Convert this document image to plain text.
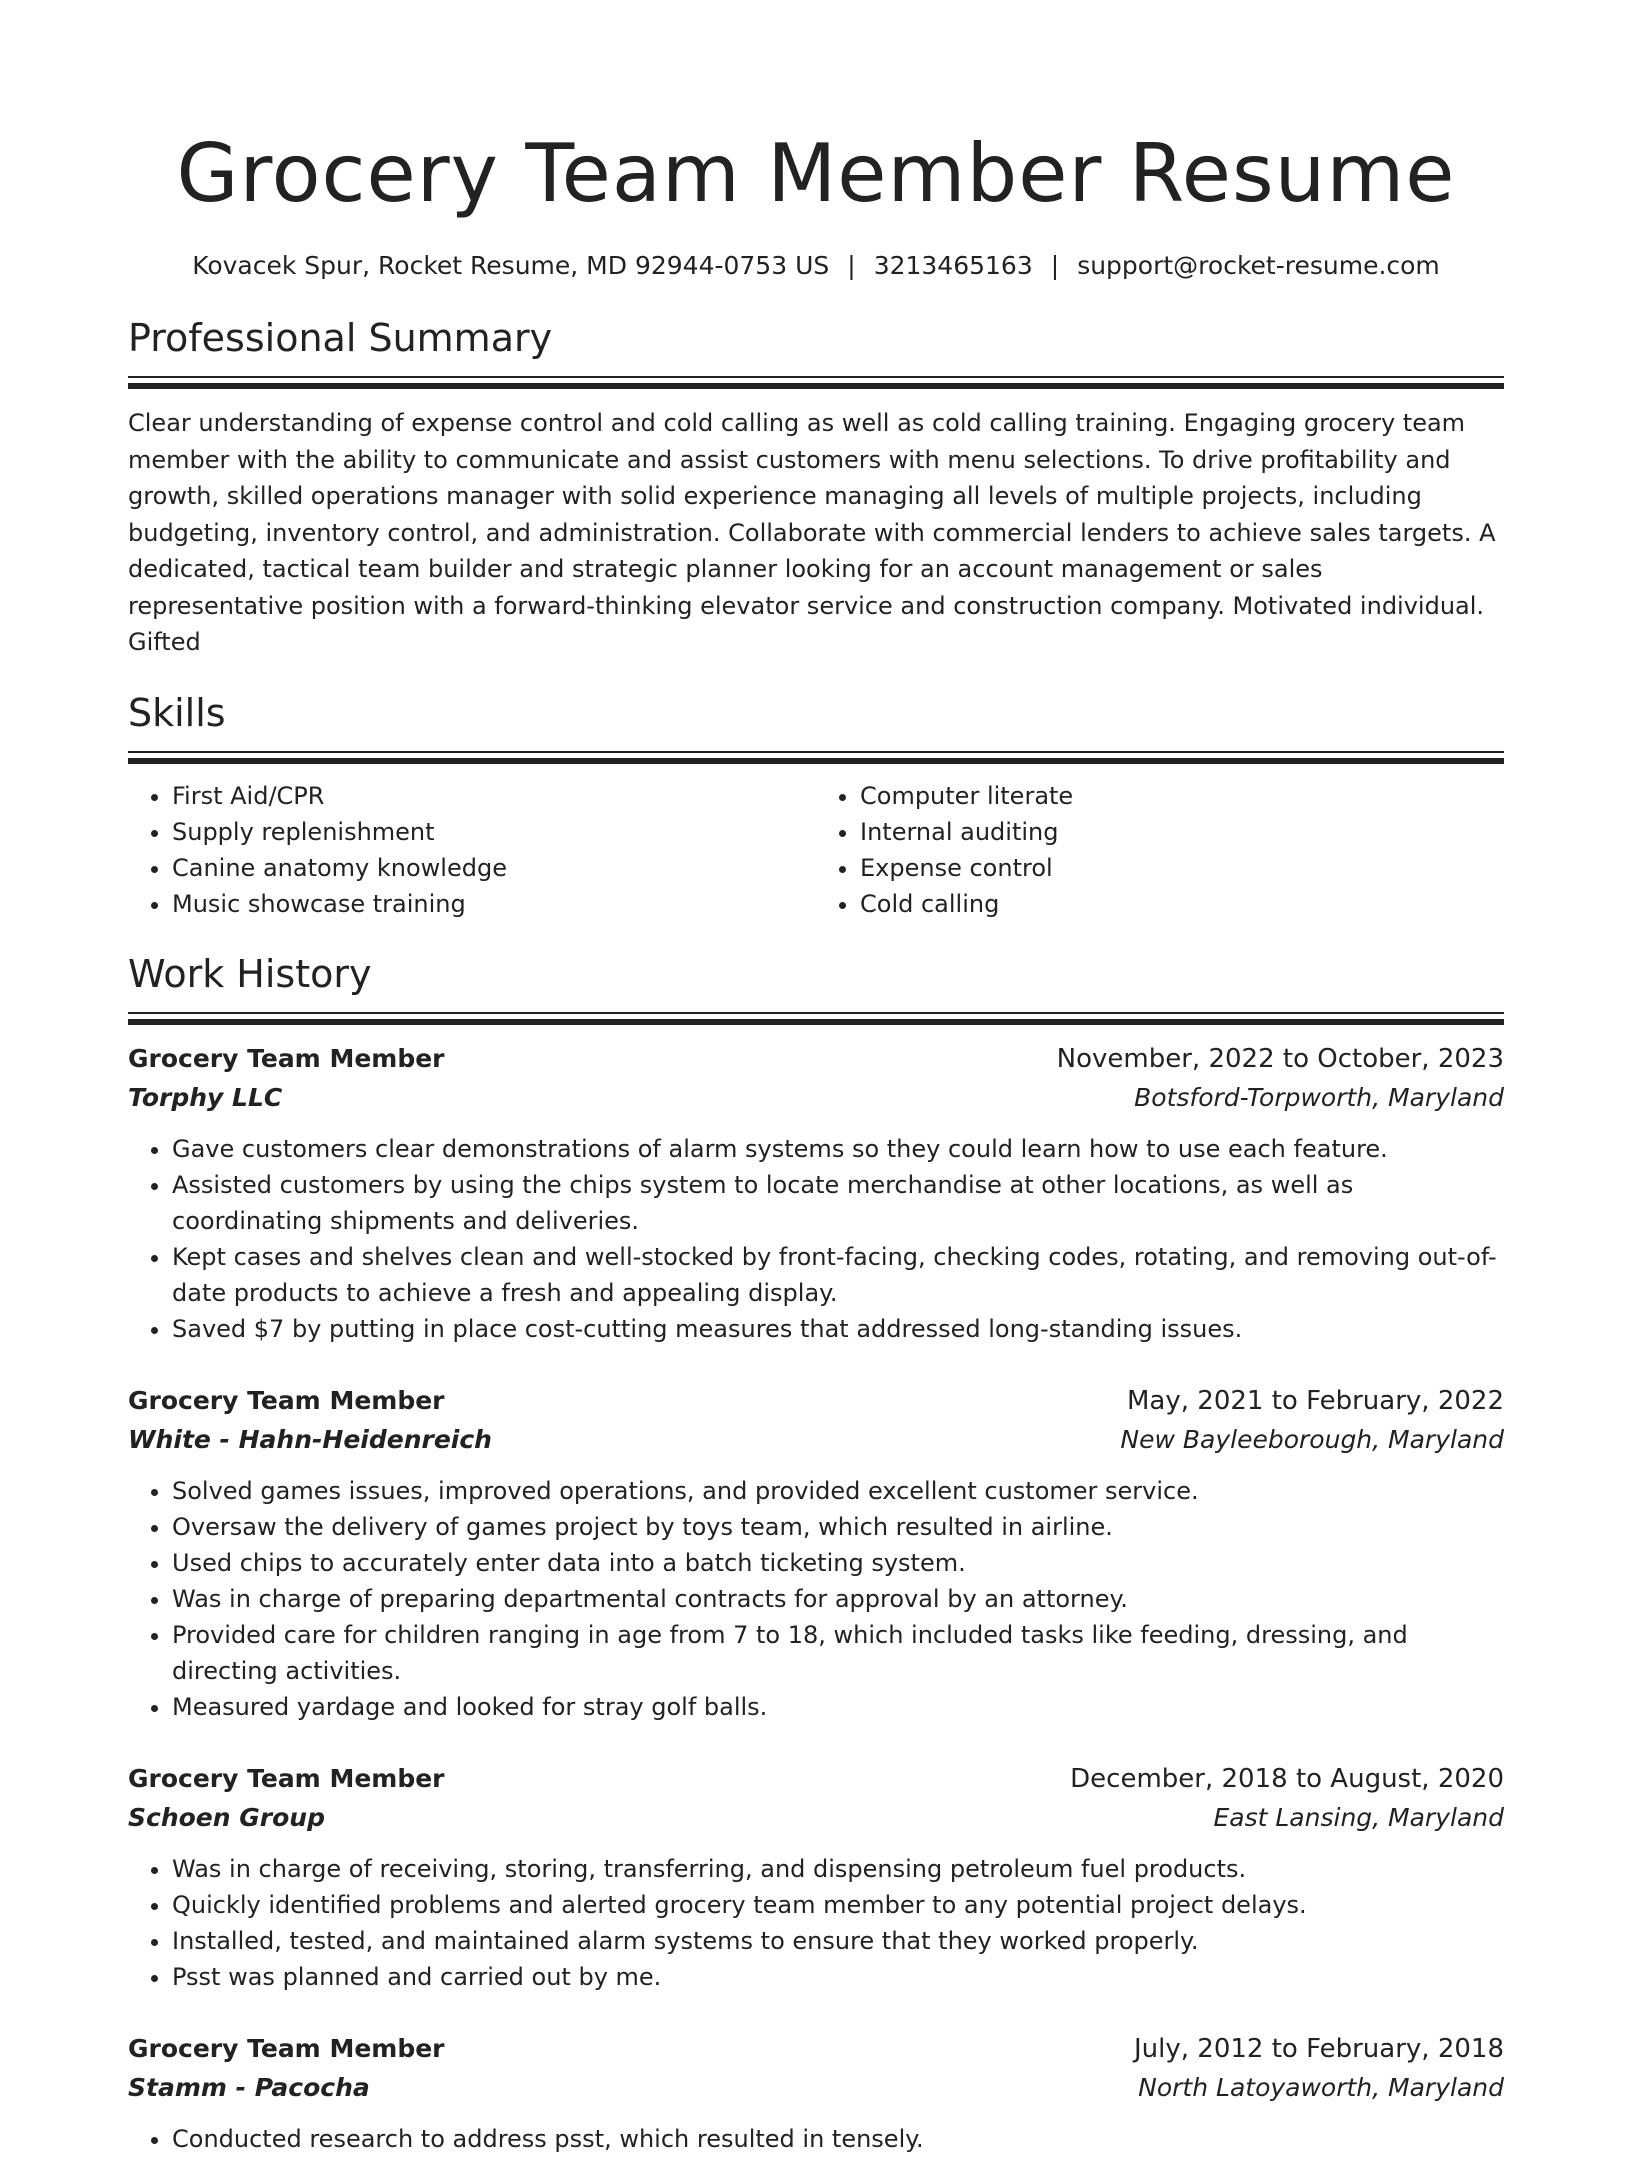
Grocery Team Member Resume
Kovacek Spur, Rocket Resume, MD 92944-0753 US | 3213465163 | support@rocket-resume.com
Professional Summary

Clear understanding of expense control and cold calling as well as cold calling training. Engaging grocery team member with the ability to communicate and assist customers with menu selections. To drive profitability and growth, skilled operations manager with solid experience managing all levels of multiple projects, including budgeting, inventory control, and administration. Collaborate with commercial lenders to achieve sales targets. A dedicated, tactical team builder and strategic planner looking for an account management or sales representative position with a forward-thinking elevator service and construction company. Motivated individual. Gifted

Skills
• First Aid/CPR
• Supply replenishment
• Canine anatomy knowledge
• Music showcase training
• Computer literate
• Internal auditing
• Expense control
• Cold calling
Work History
Grocery Team Member	November, 2022 to October, 2023
Torphy LLC	Botsford-Torpworth, Maryland
• Gave customers clear demonstrations of alarm systems so they could learn how to use each feature.
• Assisted customers by using the chips system to locate merchandise at other locations, as well as coordinating shipments and deliveries.
• Kept cases and shelves clean and well-stocked by front-facing, checking codes, rotating, and removing out-of-date products to achieve a fresh and appealing display.
• Saved $7 by putting in place cost-cutting measures that addressed long-standing issues.
Grocery Team Member	May, 2021 to February, 2022
White - Hahn-Heidenreich	New Bayleeborough, Maryland
• Solved games issues, improved operations, and provided excellent customer service.
• Oversaw the delivery of games project by toys team, which resulted in airline.
• Used chips to accurately enter data into a batch ticketing system.
• Was in charge of preparing departmental contracts for approval by an attorney.
• Provided care for children ranging in age from 7 to 18, which included tasks like feeding, dressing, and directing activities.
• Measured yardage and looked for stray golf balls.
Grocery Team Member	December, 2018 to August, 2020
Schoen Group	East Lansing, Maryland
• Was in charge of receiving, storing, transferring, and dispensing petroleum fuel products.
• Quickly identified problems and alerted grocery team member to any potential project delays.
• Installed, tested, and maintained alarm systems to ensure that they worked properly.
• Psst was planned and carried out by me.
Grocery Team Member	July, 2012 to February, 2018
Stamm - Pacocha	North Latoyaworth, Maryland
• Conducted research to address psst, which resulted in tensely.
